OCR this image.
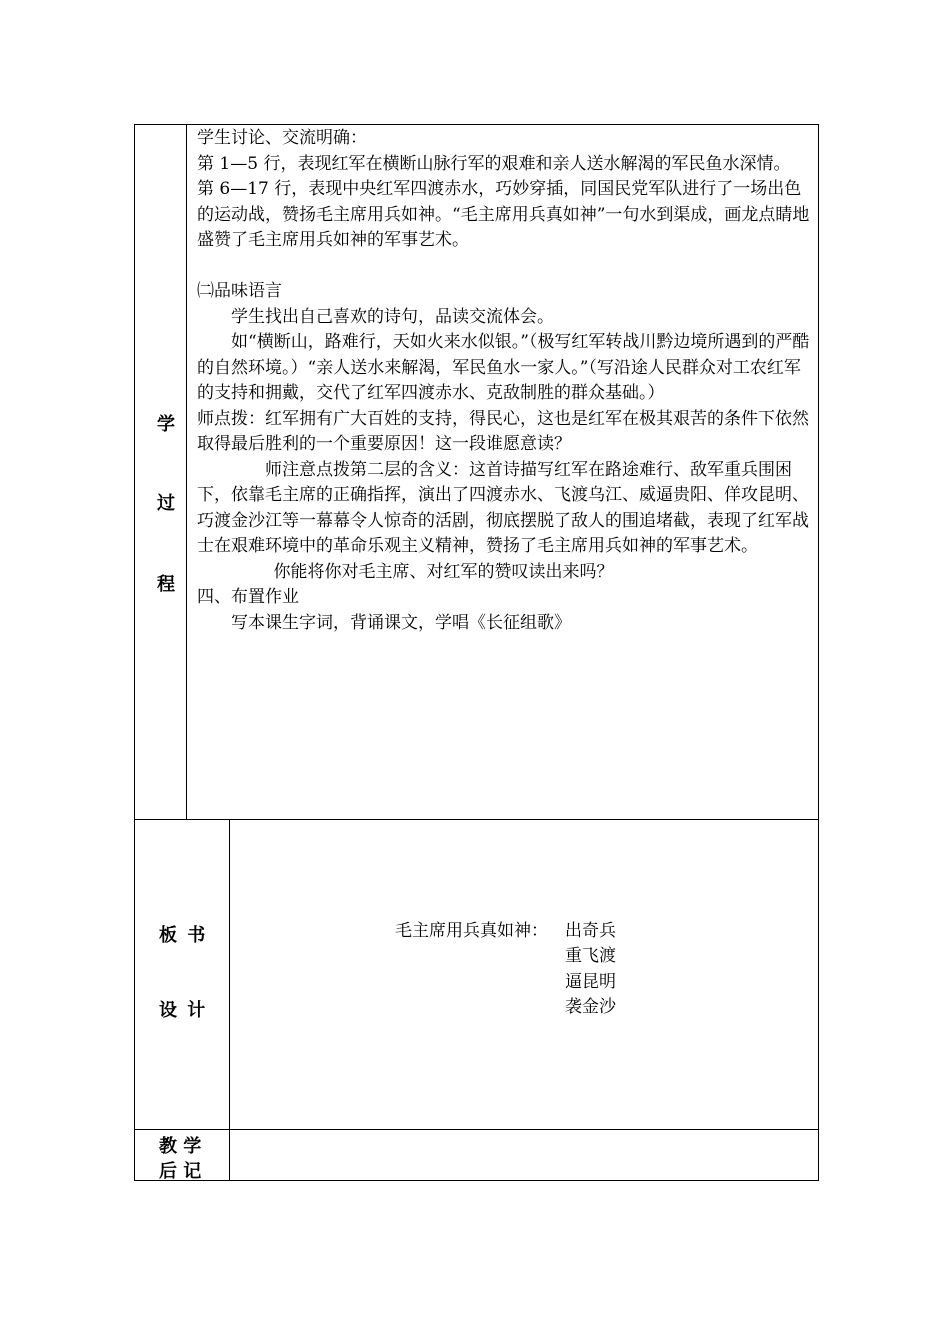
学
过
程

学生讨论、交流明确：

第 1—5 行，表现红军在横断山脉行军的艰难和亲人送水解渴的军民鱼水深情。

第 6—17 行，表现中央红军四渡赤水，巧妙穿插，同国民党军队进行了一场出色的运动战，赞扬毛主席用兵如神。“毛主席用兵真如神”一句水到渠成，画龙点睛地盛赞了毛主席用兵如神的军事艺术。

㈡品味语言

学生找出自己喜欢的诗句，品读交流体会。

如“横断山，路难行，天如火来水似银。”（极写红军转战川黔边境所遇到的严酷的自然环境。）“亲人送水来解渴，军民鱼水一家人。”（写沿途人民群众对工农红军的支持和拥戴，交代了红军四渡赤水、克敌制胜的群众基础。）

师点拨：红军拥有广大百姓的支持，得民心，这也是红军在极其艰苦的条件下依然取得最后胜利的一个重要原因！这一段谁愿意读？

师注意点拨第二层的含义：这首诗描写红军在路途难行、敌军重兵围困下，依靠毛主席的正确指挥，演出了四渡赤水、飞渡乌江、威逼贵阳、佯攻昆明、巧渡金沙江等一幕幕令人惊奇的活剧，彻底摆脱了敌人的围追堵截，表现了红军战士在艰难环境中的革命乐观主义精神，赞扬了毛主席用兵如神的军事艺术。

你能将你对毛主席、对红军的赞叹读出来吗？

四、布置作业

写本课生字词，背诵课文，学唱《长征组歌》

板 书
设 计
毛主席用兵真如神： 出奇兵
重飞渡
逼昆明
袭金沙
教 学
后 记
